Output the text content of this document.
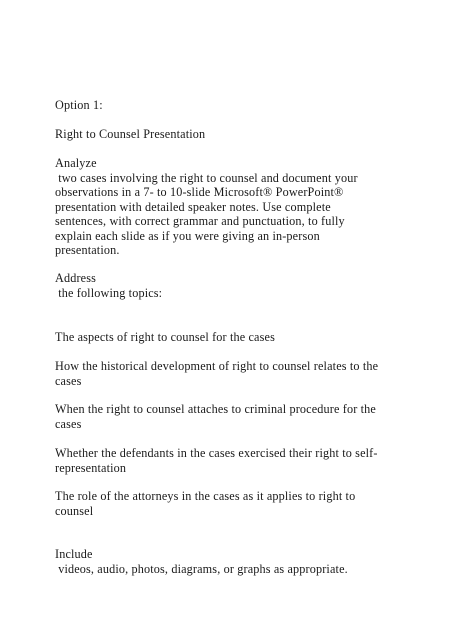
Option 1:
Right to Counsel Presentation
Analyze
two cases involving the right to counsel and document your
observations in a 7- to 10-slide Microsoft® PowerPoint®
presentation with detailed speaker notes. Use complete
sentences, with correct grammar and punctuation, to fully
explain each slide as if you were giving an in-person
presentation.
Address
the following topics:
The aspects of right to counsel for the cases
How the historical development of right to counsel relates to the
cases
When the right to counsel attaches to criminal procedure for the
cases
Whether the defendants in the cases exercised their right to self-
representation
The role of the attorneys in the cases as it applies to right to
counsel
Include
videos, audio, photos, diagrams, or graphs as appropriate.
